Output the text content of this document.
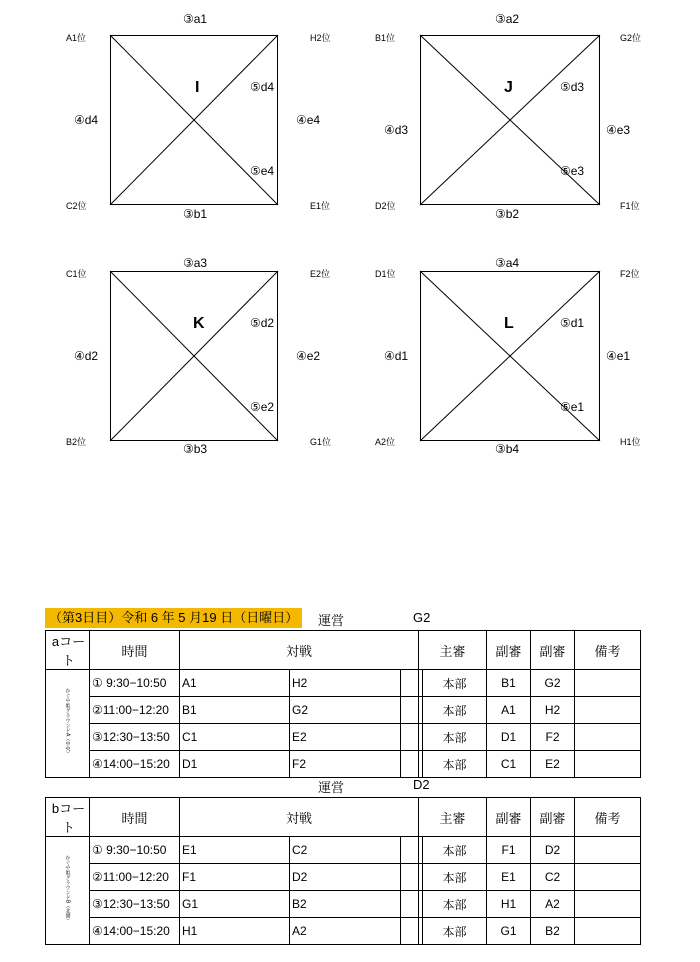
③a1
③b1
④d4	④e4
⑤d4
⑤e4
I
A1位	H2位
C2位	E1位
③a2
③b2
④d3	④e3
⑤d3
⑤e3
J
B1位	G2位
D2位	F1位
③a3
③b3
④d2	④e2
⑤d2
⑤e2
K
C1位	E2位
B2位	G1位
③a4
③b4
④d1	④e1
⑤d1
⑤e1
L
D1位	F2位
A2位	H1位
（第3日目）令和 6 年 5 月19 日（日曜日）	運営	G2
aコート	時間	対戦			主審		副審	副審	備考
かぐや姫グラウンドA（中央）	① 9:30−10:50	A1	H2			本部	B1	G2	
	②11:00−12:20	B1	G2			本部	A1	H2	
	③12:30−13:50	C1	E2			本部	D1	F2	
	④14:00−15:20	D1	F2			本部	C1	E2	
運営	D2
bコート	時間	対戦			主審		副審	副審	備考
かぐや姫グラウンドB（北側）	① 9:30−10:50	E1	C2			本部	F1	D2	
	②11:00−12:20	F1	D2			本部	E1	C2	
	③12:30−13:50	G1	B2			本部	H1	A2	
	④14:00−15:20	H1	A2			本部	G1	B2	
